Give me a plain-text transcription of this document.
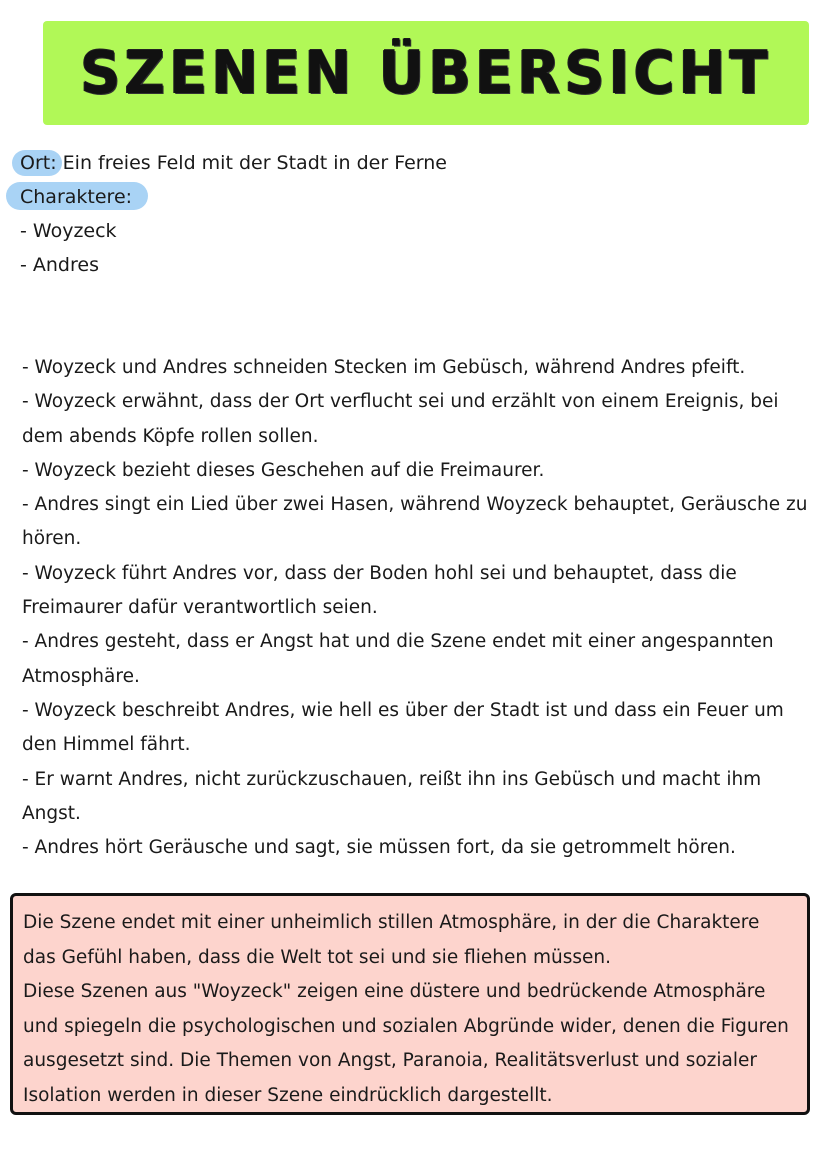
SZENEN ÜBERSICHT
Ort: Ein freies Feld mit der Stadt in der Ferne
Charaktere:
- Woyzeck
- Andres

- Woyzeck und Andres schneiden Stecken im Gebüsch, während Andres pfeift.

- Woyzeck erwähnt, dass der Ort verflucht sei und erzählt von einem Ereignis, bei dem abends Köpfe rollen sollen.

- Woyzeck bezieht dieses Geschehen auf die Freimaurer.

- Andres singt ein Lied über zwei Hasen, während Woyzeck behauptet, Geräusche zu hören.

- Woyzeck führt Andres vor, dass der Boden hohl sei und behauptet, dass die Freimaurer dafür verantwortlich seien.

- Andres gesteht, dass er Angst hat und die Szene endet mit einer angespannten Atmosphäre.

- Woyzeck beschreibt Andres, wie hell es über der Stadt ist und dass ein Feuer um den Himmel fährt.

- Er warnt Andres, nicht zurückzuschauen, reißt ihn ins Gebüsch und macht ihm Angst.

- Andres hört Geräusche und sagt, sie müssen fort, da sie getrommelt hören.

Die Szene endet mit einer unheimlich stillen Atmosphäre, in der die Charaktere das Gefühl haben, dass die Welt tot sei und sie fliehen müssen.

Diese Szenen aus "Woyzeck" zeigen eine düstere und bedrückende Atmosphäre und spiegeln die psychologischen und sozialen Abgründe wider, denen die Figuren ausgesetzt sind. Die Themen von Angst, Paranoia, Realitätsverlust und sozialer Isolation werden in dieser Szene eindrücklich dargestellt.
